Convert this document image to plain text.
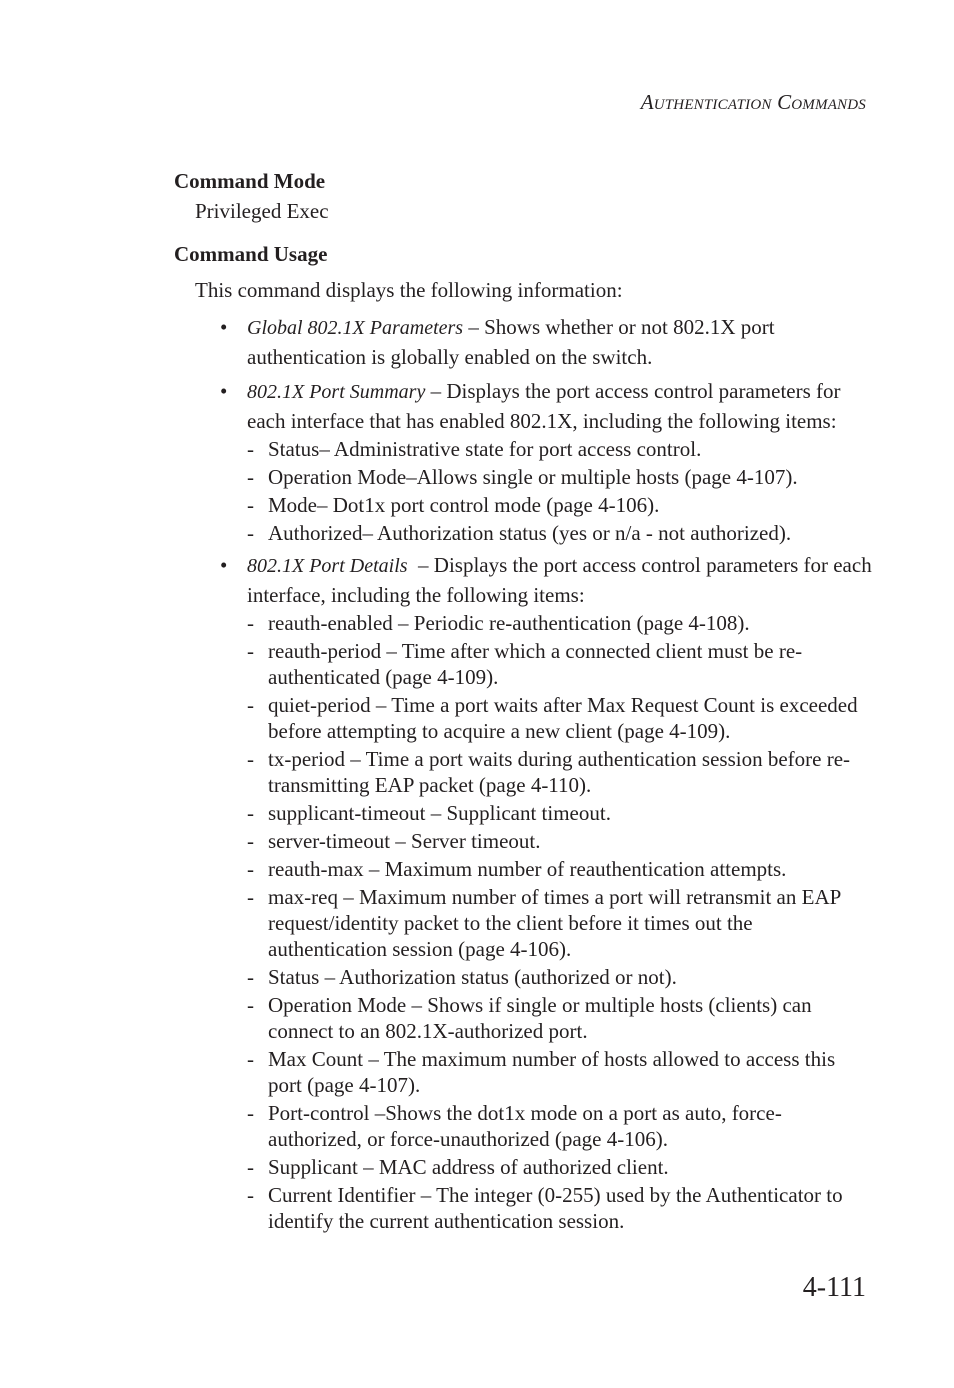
Authentication Commands
Command Mode
Privileged Exec
Command Usage
This command displays the following information:
• Global 802.1X Parameters – Shows whether or not 802.1X port authentication is globally enabled on the switch.
• 802.1X Port Summary – Displays the port access control parameters for each interface that has enabled 802.1X, including the following items:
- Status– Administrative state for port access control.
- Operation Mode–Allows single or multiple hosts (page 4-107).
- Mode– Dot1x port control mode (page 4-106).
- Authorized– Authorization status (yes or n/a - not authorized).
• 802.1X Port Details  – Displays the port access control parameters for each interface, including the following items:
- reauth-enabled – Periodic re-authentication (page 4-108).
- reauth-period – Time after which a connected client must be re-authenticated (page 4-109).
- quiet-period – Time a port waits after Max Request Count is exceeded before attempting to acquire a new client (page 4-109).
- tx-period – Time a port waits during authentication session before re-transmitting EAP packet (page 4-110).
- supplicant-timeout – Supplicant timeout.
- server-timeout – Server timeout.
- reauth-max – Maximum number of reauthentication attempts.
- max-req – Maximum number of times a port will retransmit an EAP request/identity packet to the client before it times out the authentication session (page 4-106).
- Status – Authorization status (authorized or not).
- Operation Mode – Shows if single or multiple hosts (clients) can connect to an 802.1X-authorized port.
- Max Count – The maximum number of hosts allowed to access this port (page 4-107).
- Port-control –Shows the dot1x mode on a port as auto, force-authorized, or force-unauthorized (page 4-106).
- Supplicant – MAC address of authorized client.
- Current Identifier – The integer (0-255) used by the Authenticator to identify the current authentication session.
4-111
